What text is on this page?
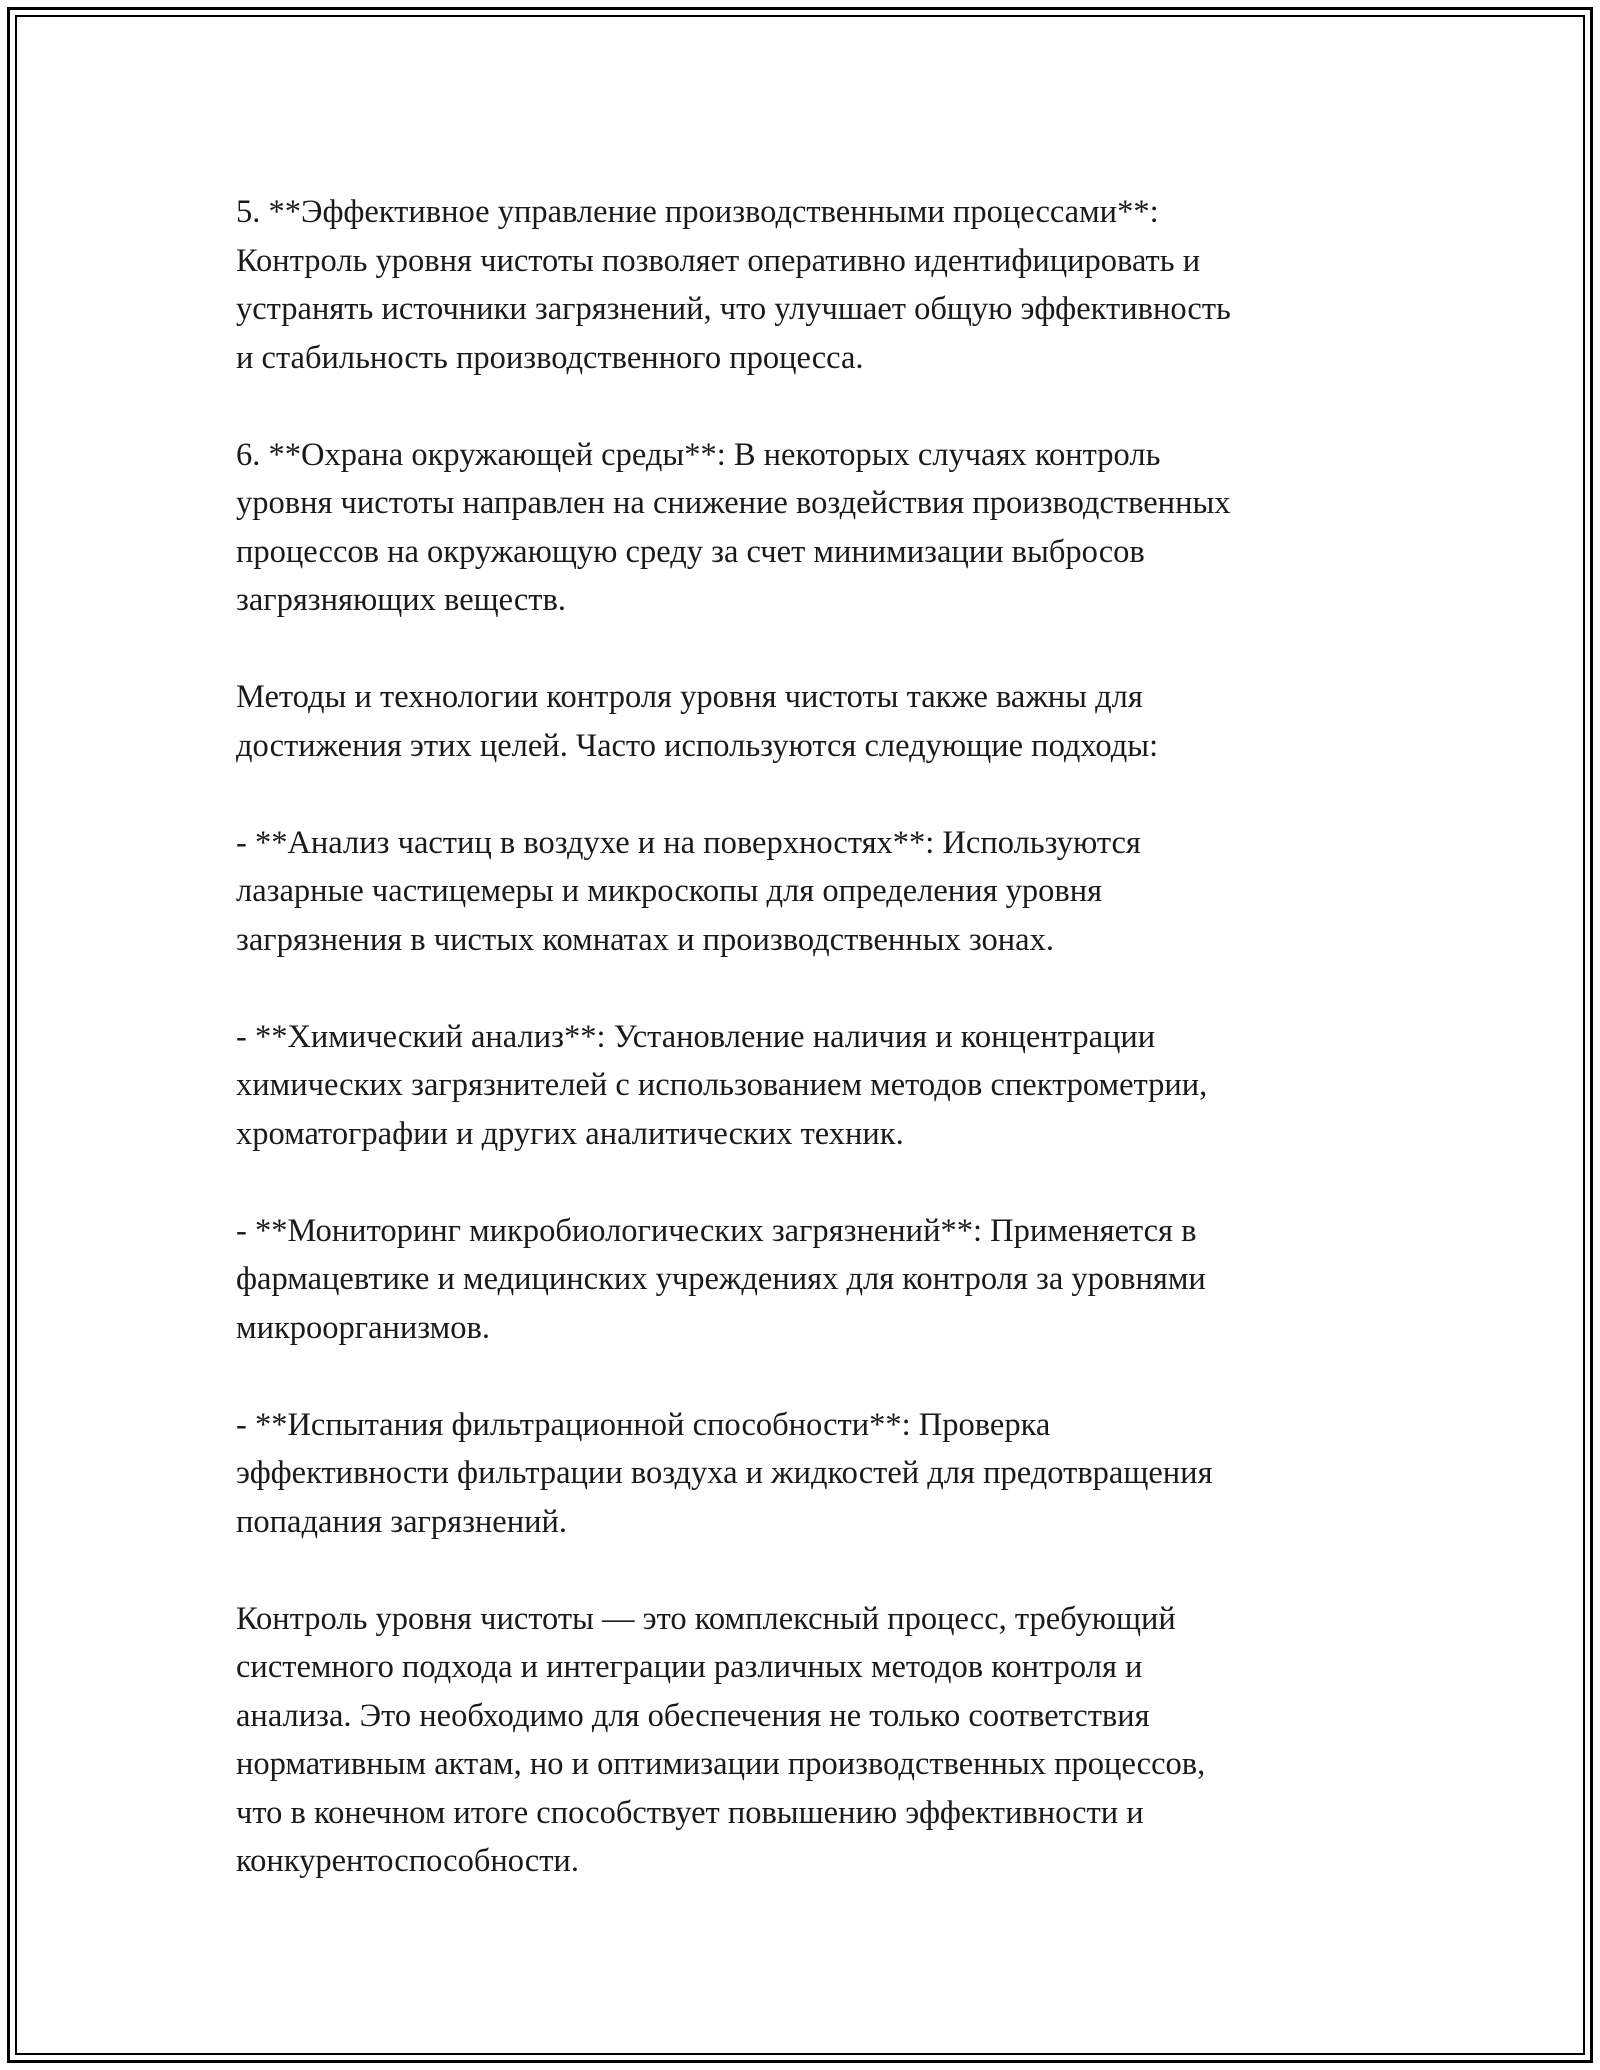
5. **Эффективное управление производственными процессами**:
Контроль уровня чистоты позволяет оперативно идентифицировать и
устранять источники загрязнений, что улучшает общую эффективность
и стабильность производственного процесса.

6. **Охрана окружающей среды**: В некоторых случаях контроль
уровня чистоты направлен на снижение воздействия производственных
процессов на окружающую среду за счет минимизации выбросов
загрязняющих веществ.

Методы и технологии контроля уровня чистоты также важны для
достижения этих целей. Часто используются следующие подходы:

- **Анализ частиц в воздухе и на поверхностях**: Используются
лазарные частицемеры и микроскопы для определения уровня
загрязнения в чистых комнатах и производственных зонах.

- **Химический анализ**: Установление наличия и концентрации
химических загрязнителей с использованием методов спектрометрии,
хроматографии и других аналитических техник.

- **Мониторинг микробиологических загрязнений**: Применяется в
фармацевтике и медицинских учреждениях для контроля за уровнями
микроорганизмов.

- **Испытания фильтрационной способности**: Проверка
эффективности фильтрации воздуха и жидкостей для предотвращения
попадания загрязнений.

Контроль уровня чистоты — это комплексный процесс, требующий
системного подхода и интеграции различных методов контроля и
анализа. Это необходимо для обеспечения не только соответствия
нормативным актам, но и оптимизации производственных процессов,
что в конечном итоге способствует повышению эффективности и
конкурентоспособности.
